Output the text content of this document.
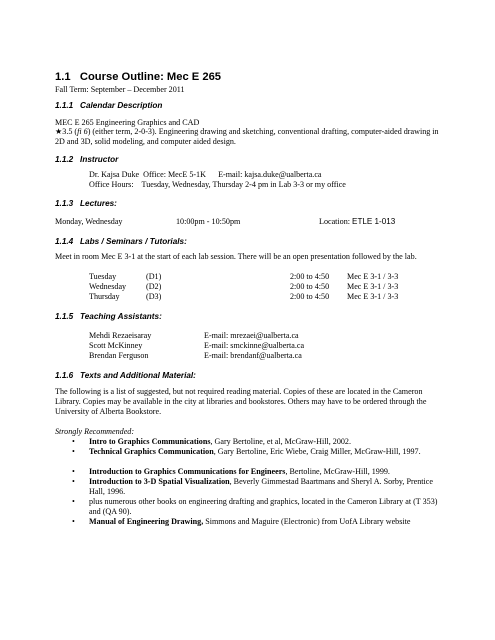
1.1 Course Outline: Mec E 265
Fall Term: September – December 2011
1.1.1 Calendar Description
MEC E 265 Engineering Graphics and CAD
★3.5 (fi 6) (either term, 2-0-3). Engineering drawing and sketching, conventional drafting, computer-aided drawing in 2D and 3D, solid modeling, and computer aided design.
1.1.2 Instructor
Dr. Kajsa Duke Office: MecE 5-1K E-mail: kajsa.duke@ualberta.ca
Office Hours: Tuesday, Wednesday, Thursday 2-4 pm in Lab 3-3 or my office
1.1.3 Lectures:
Monday, Wednesday	10:00pm - 10:50pm	Location: ETLE 1-013
1.1.4 Labs / Seminars / Tutorials:
Meet in room Mec E 3-1 at the start of each lab session. There will be an open presentation followed by the lab.
Tuesday	(D1)	2:00 to 4:50 Mec E 3-1 / 3-3
Wednesday (D2)	2:00 to 4:50 Mec E 3-1 / 3-3
Thursday	(D3)	2:00 to 4:50 Mec E 3-1 / 3-3
1.1.5 Teaching Assistants:
Mehdi Rezaeisaray	E-mail: mrezaei@ualberta.ca
Scott McKinney	E-mail: smckinne@ualberta.ca
Brendan Ferguson	E-mail: brendanf@ualberta.ca
1.1.6 Texts and Additional Material:
The following is a list of suggested, but not required reading material. Copies of these are located in the Cameron Library. Copies may be available in the city at libraries and bookstores. Others may have to be ordered through the University of Alberta Bookstore.
Strongly Recommended:
• Intro to Graphics Communications, Gary Bertoline, et al, McGraw-Hill, 2002.
• Technical Graphics Communication, Gary Bertoline, Eric Wiebe, Craig Miller, McGraw-Hill, 1997.
• Introduction to Graphics Communications for Engineers, Bertoline, McGraw-Hill, 1999.
• Introduction to 3-D Spatial Visualization, Beverly Gimmestad Baartmans and Sheryl A. Sorby, Prentice Hall, 1996.
• plus numerous other books on engineering drafting and graphics, located in the Cameron Library at (T 353) and (QA 90).
• Manual of Engineering Drawing, Simmons and Maguire (Electronic) from UofA Library website
